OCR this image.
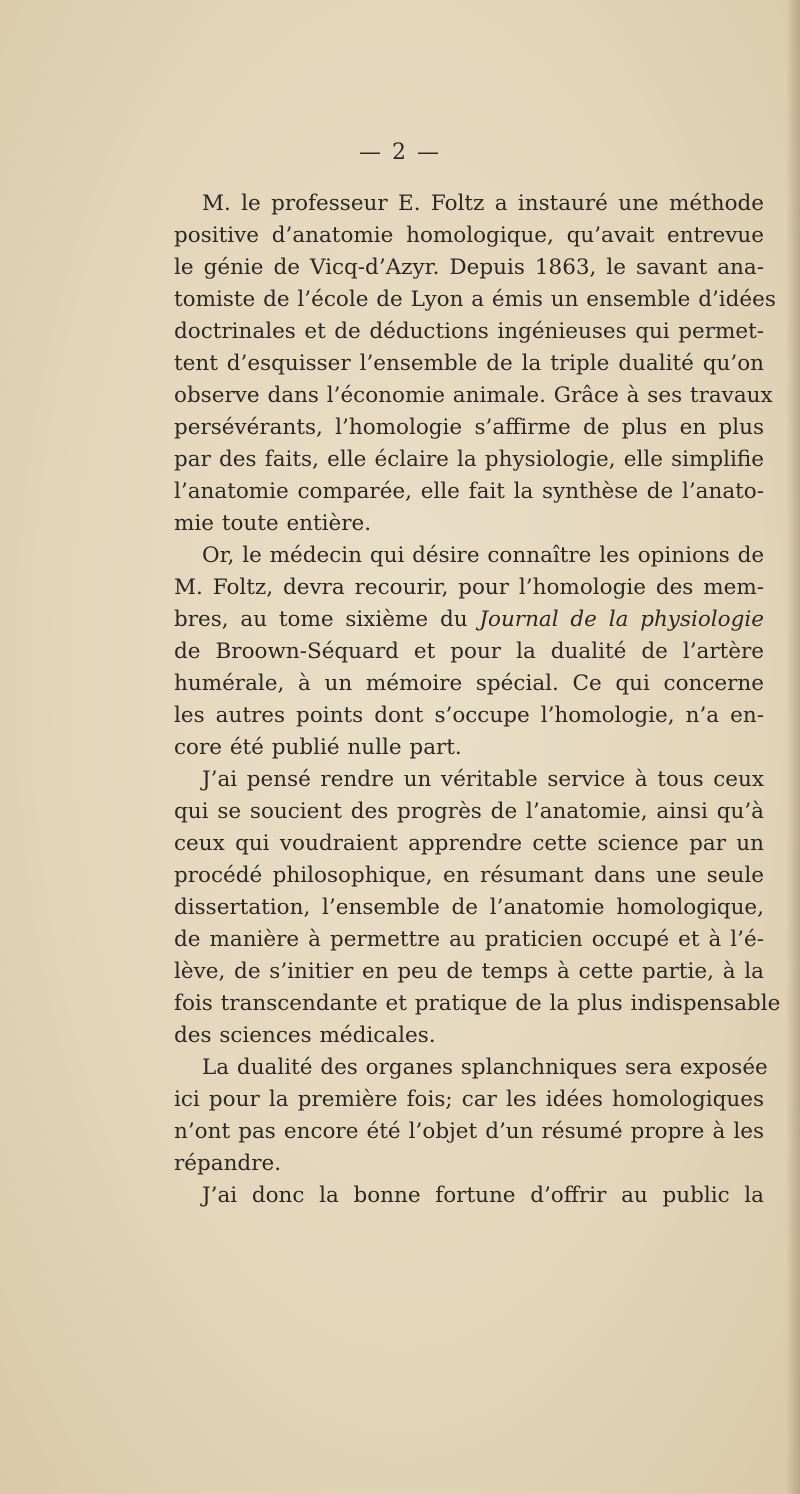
— 2 —
M. le professeur E. Foltz a instauré une méthode
positive d’anatomie homologique, qu’avait entrevue
le génie de Vicq-d’Azyr. Depuis 1863, le savant ana-
tomiste de l’école de Lyon a émis un ensemble d’idées
doctrinales et de déductions ingénieuses qui permet-
tent d’esquisser l’ensemble de la triple dualité qu’on
observe dans l’économie animale. Grâce à ses travaux
persévérants, l’homologie s’affirme de plus en plus
par des faits, elle éclaire la physiologie, elle simplifie
l’anatomie comparée, elle fait la synthèse de l’anato-
mie toute entière.
Or, le médecin qui désire connaître les opinions de
M. Foltz, devra recourir, pour l’homologie des mem-
bres, au tome sixième du Journal de la physiologie
de Broown-Séquard et pour la dualité de l’artère
humérale, à un mémoire spécial. Ce qui concerne
les autres points dont s’occupe l’homologie, n’a en-
core été publié nulle part.
J’ai pensé rendre un véritable service à tous ceux
qui se soucient des progrès de l’anatomie, ainsi qu’à
ceux qui voudraient apprendre cette science par un
procédé philosophique, en résumant dans une seule
dissertation, l’ensemble de l’anatomie homologique,
de manière à permettre au praticien occupé et à l’é-
lève, de s’initier en peu de temps à cette partie, à la
fois transcendante et pratique de la plus indispensable
des sciences médicales.
La dualité des organes splanchniques sera exposée
ici pour la première fois; car les idées homologiques
n’ont pas encore été l’objet d’un résumé propre à les
répandre.
J’ai donc la bonne fortune d’offrir au public la
